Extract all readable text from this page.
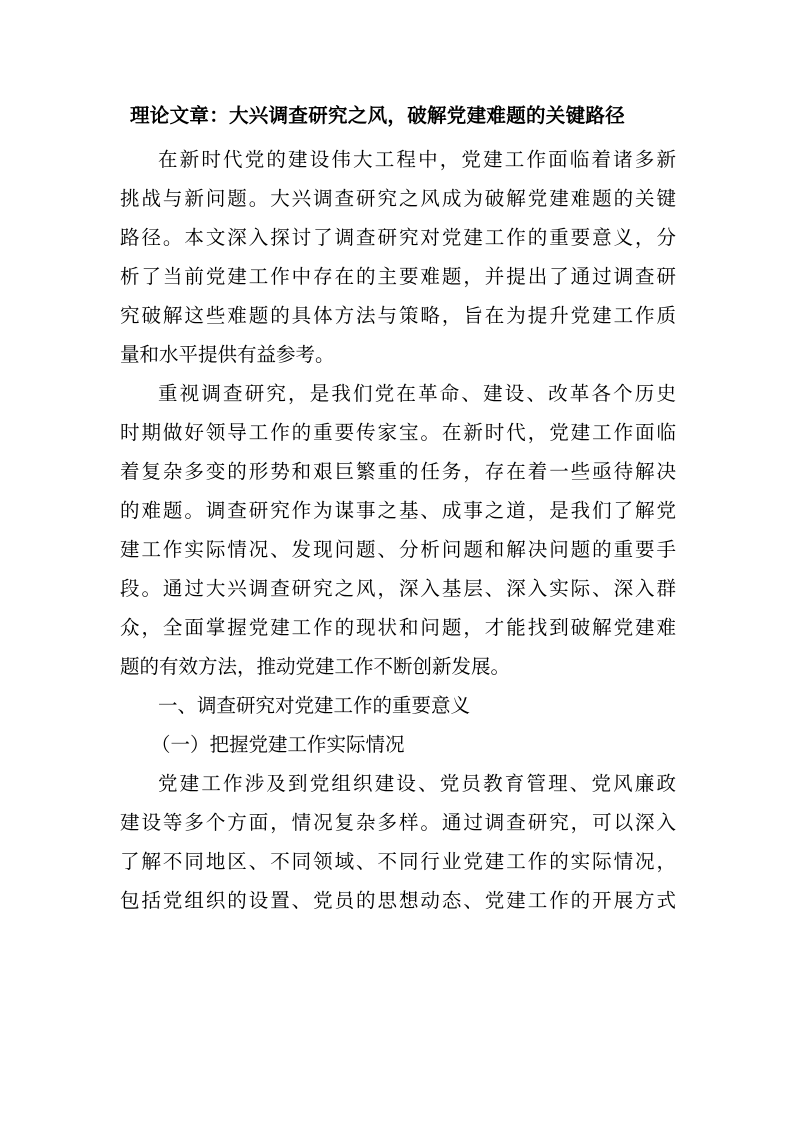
理论文章：大兴调查研究之风，破解党建难题的关键路径
在新时代党的建设伟大工程中，党建工作面临着诸多新
挑战与新问题。大兴调查研究之风成为破解党建难题的关键
路径。本文深入探讨了调查研究对党建工作的重要意义，分
析了当前党建工作中存在的主要难题，并提出了通过调查研
究破解这些难题的具体方法与策略，旨在为提升党建工作质
量和水平提供有益参考。
重视调查研究，是我们党在革命、建设、改革各个历史
时期做好领导工作的重要传家宝。在新时代，党建工作面临
着复杂多变的形势和艰巨繁重的任务，存在着一些亟待解决
的难题。调查研究作为谋事之基、成事之道，是我们了解党
建工作实际情况、发现问题、分析问题和解决问题的重要手
段。通过大兴调查研究之风，深入基层、深入实际、深入群
众，全面掌握党建工作的现状和问题，才能找到破解党建难
题的有效方法，推动党建工作不断创新发展。
一、调查研究对党建工作的重要意义
（一）把握党建工作实际情况
党建工作涉及到党组织建设、党员教育管理、党风廉政
建设等多个方面，情况复杂多样。通过调查研究，可以深入
了解不同地区、不同领域、不同行业党建工作的实际情况，
包括党组织的设置、党员的思想动态、党建工作的开展方式
